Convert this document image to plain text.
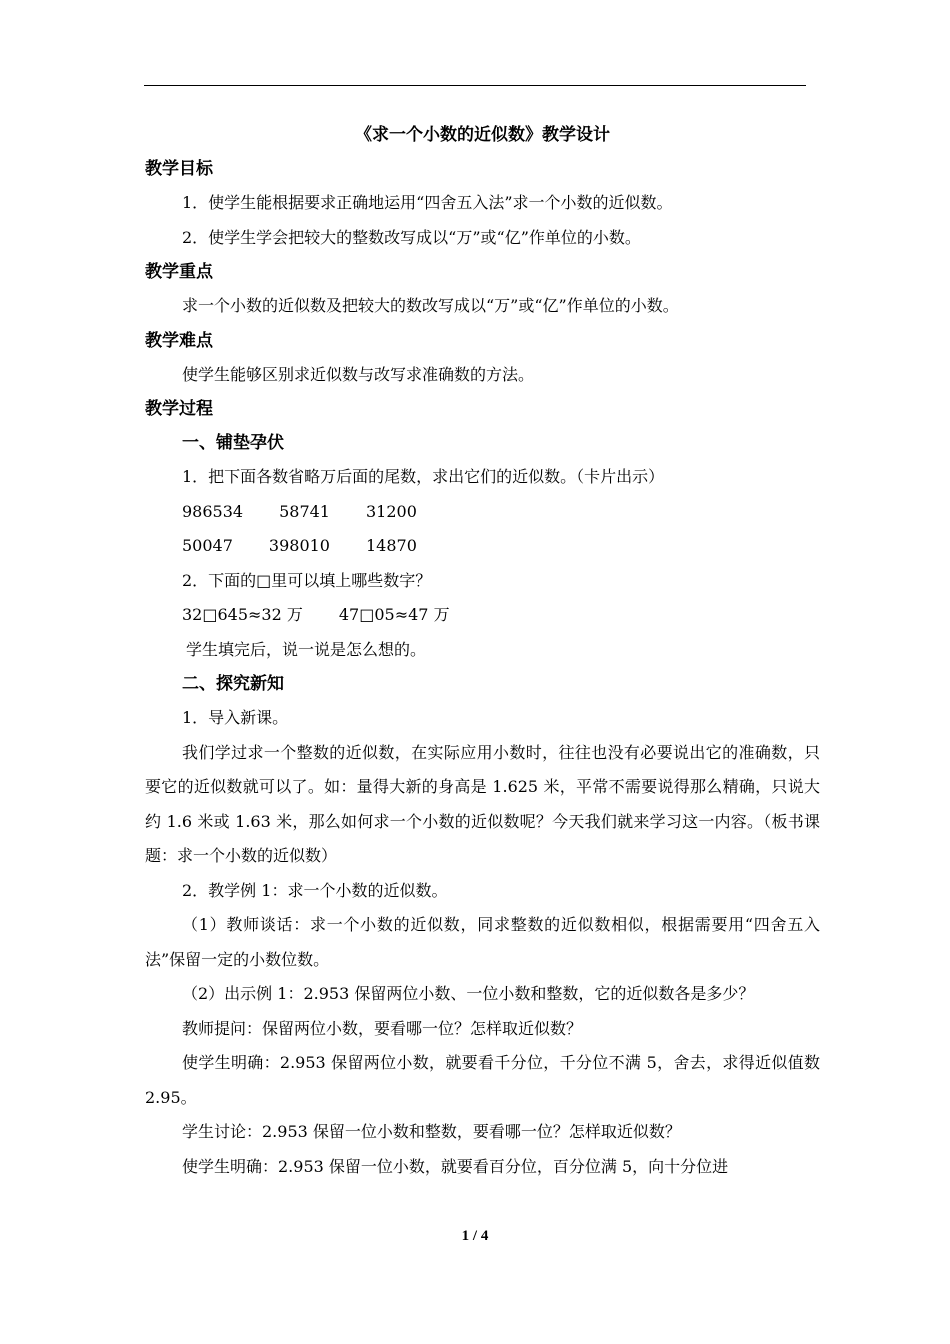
《求一个小数的近似数》教学设计
教学目标
1．使学生能根据要求正确地运用“四舍五入法”求一个小数的近似数。
2．使学生学会把较大的整数改写成以“万”或“亿”作单位的小数。
教学重点
求一个小数的近似数及把较大的数改写成以“万”或“亿”作单位的小数。
教学难点
使学生能够区别求近似数与改写求准确数的方法。
教学过程
一、铺垫孕伏
1．把下面各数省略万后面的尾数，求出它们的近似数。（卡片出示）
986534 58741 31200
50047 398010 14870
2．下面的□里可以填上哪些数字？
32□645≈32 万 47□05≈47 万
学生填完后，说一说是怎么想的。
二、探究新知
1．导入新课。
我们学过求一个整数的近似数，在实际应用小数时，往往也没有必要说出它的准确数，只要它的近似数就可以了。如：量得大新的身高是 1.625 米，平常不需要说得那么精确，只说大约 1.6 米或 1.63 米，那么如何求一个小数的近似数呢？今天我们就来学习这一内容。（板书课题：求一个小数的近似数）
2．教学例 1：求一个小数的近似数。
（1）教师谈话：求一个小数的近似数，同求整数的近似数相似，根据需要用“四舍五入法”保留一定的小数位数。
（2）出示例 1：2.953 保留两位小数、一位小数和整数，它的近似数各是多少？
教师提问：保留两位小数，要看哪一位？怎样取近似数？
使学生明确：2.953 保留两位小数，就要看千分位，千分位不满 5，舍去，求得近似值数 2.95。
学生讨论：2.953 保留一位小数和整数，要看哪一位？怎样取近似数？
使学生明确：2.953 保留一位小数，就要看百分位，百分位满 5，向十分位进
1 / 4
